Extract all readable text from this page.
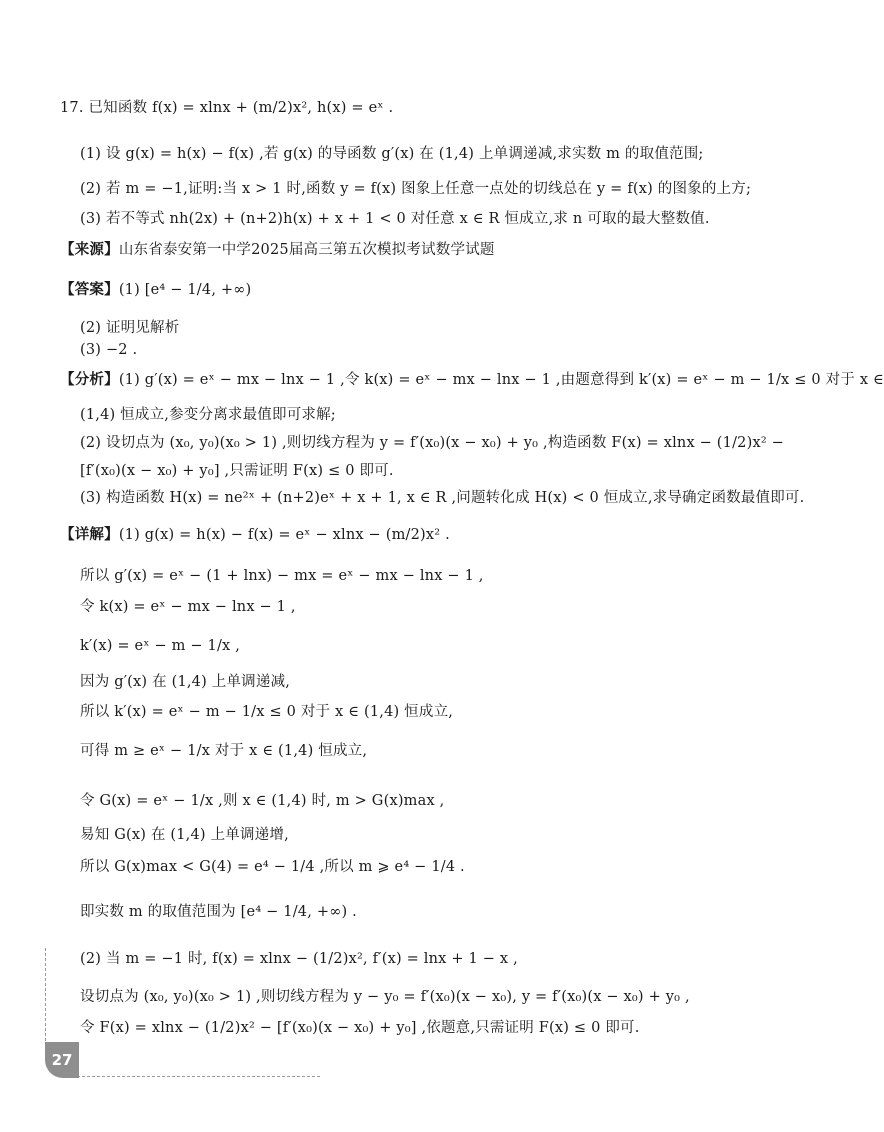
17. 已知函数 f(x) = xlnx + (m/2)x², h(x) = eˣ .
(1) 设 g(x) = h(x) − f(x) ,若 g(x) 的导函数 g′(x) 在 (1,4) 上单调递减,求实数 m 的取值范围;
(2) 若 m = −1,证明:当 x > 1 时,函数 y = f(x) 图象上任意一点处的切线总在 y = f(x) 的图象的上方;
(3) 若不等式 nh(2x) + (n+2)h(x) + x + 1 < 0 对任意 x ∈ R 恒成立,求 n 可取的最大整数值.
【来源】山东省泰安第一中学2025届高三第五次模拟考试数学试题
【答案】(1) [e⁴ − 1/4, +∞)
(2) 证明见解析
(3) −2 .
【分析】(1) g′(x) = eˣ − mx − lnx − 1 ,令 k(x) = eˣ − mx − lnx − 1 ,由题意得到 k′(x) = eˣ − m − 1/x ≤ 0 对于 x ∈
(1,4) 恒成立,参变分离求最值即可求解;
(2) 设切点为 (x₀, y₀)(x₀ > 1) ,则切线方程为 y = f′(x₀)(x − x₀) + y₀ ,构造函数 F(x) = xlnx − (1/2)x² −
[f′(x₀)(x − x₀) + y₀] ,只需证明 F(x) ≤ 0 即可.
(3) 构造函数 H(x) = ne²ˣ + (n+2)eˣ + x + 1, x ∈ R ,问题转化成 H(x) < 0 恒成立,求导确定函数最值即可.
【详解】(1) g(x) = h(x) − f(x) = eˣ − xlnx − (m/2)x² .
所以 g′(x) = eˣ − (1 + lnx) − mx = eˣ − mx − lnx − 1 ,
令 k(x) = eˣ − mx − lnx − 1 ,
k′(x) = eˣ − m − 1/x ,
因为 g′(x) 在 (1,4) 上单调递减,
所以 k′(x) = eˣ − m − 1/x ≤ 0 对于 x ∈ (1,4) 恒成立,
可得 m ≥ eˣ − 1/x 对于 x ∈ (1,4) 恒成立,
令 G(x) = eˣ − 1/x ,则 x ∈ (1,4) 时, m > G(x)max ,
易知 G(x) 在 (1,4) 上单调递增,
所以 G(x)max < G(4) = e⁴ − 1/4 ,所以 m ⩾ e⁴ − 1/4 .
即实数 m 的取值范围为 [e⁴ − 1/4, +∞) .
(2) 当 m = −1 时, f(x) = xlnx − (1/2)x², f′(x) = lnx + 1 − x ,
设切点为 (x₀, y₀)(x₀ > 1) ,则切线方程为 y − y₀ = f′(x₀)(x − x₀), y = f′(x₀)(x − x₀) + y₀ ,
令 F(x) = xlnx − (1/2)x² − [f′(x₀)(x − x₀) + y₀] ,依题意,只需证明 F(x) ≤ 0 即可.
27
